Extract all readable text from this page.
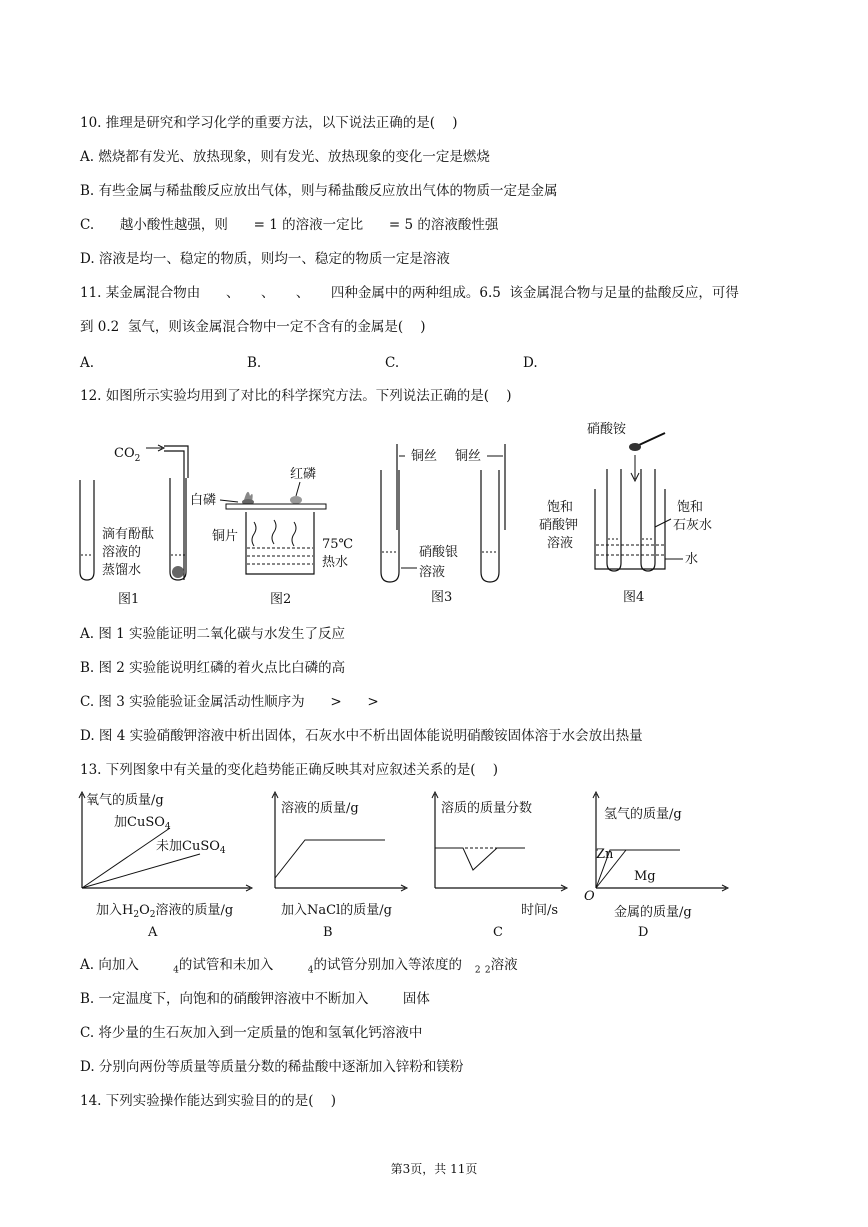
10. 推理是研究和学习化学的重要方法，以下说法正确的是(    )
A. 燃烧都有发光、放热现象，则有发光、放热现象的变化一定是燃烧
B. 有些金属与稀盐酸反应放出气体，则与稀盐酸反应放出气体的物质一定是金属
C.      越小酸性越强，则      = 1 的溶液一定比      = 5 的溶液酸性强
D. 溶液是均一、稳定的物质，则均一、稳定的物质一定是溶液
11. 某金属混合物由      、     、     、     四种金属中的两种组成。6.5  该金属混合物与足量的盐酸反应，可得
到 0.2  氢气，则该金属混合物中一定不含有的金属是(    )
A.	B.	C.	D.
12. 如图所示实验均用到了对比的科学探究方法。下列说法正确的是(    )
$CO_2$
滴有酚酞
溶液的
蒸馏水
图1
红磷
白磷
铜片
75℃
热水
图2
铜丝 铜丝
硝酸银
溶液
图3
硝酸铵
饱和
硝酸钾
溶液
饱和
石灰水
水
图4
A. 图 1 实验能证明二氧化碳与水发生了反应
B. 图 2 实验能说明红磷的着火点比白磷的高
C. 图 3 实验能验证金属活动性顺序为      >      >
D. 图 4 实验硝酸钾溶液中析出固体，石灰水中不析出固体能说明硝酸铵固体溶于水会放出热量
13. 下列图象中有关量的变化趋势能正确反映其对应叙述关系的是(    )
氧气的质量/g
加CuSO$_4$
未加CuSO$_4$
加入$H_2O_2$溶液的质量/g
A
溶液的质量/g
加入NaCl的质量/g
B
溶质的质量分数
时间/s
C
氢气的质量/g
Zn
Mg
O
金属的质量/g
D
A. 向加入        $_4$的试管和未加入        $_4$的试管分别加入等浓度的   $_2$ $_2$溶液
B. 一定温度下，向饱和的硝酸钾溶液中不断加入        固体
C. 将少量的生石灰加入到一定质量的饱和氢氧化钙溶液中
D. 分别向两份等质量等质量分数的稀盐酸中逐渐加入锌粉和镁粉
14. 下列实验操作能达到实验目的的是(    )
第3页，共 11页
